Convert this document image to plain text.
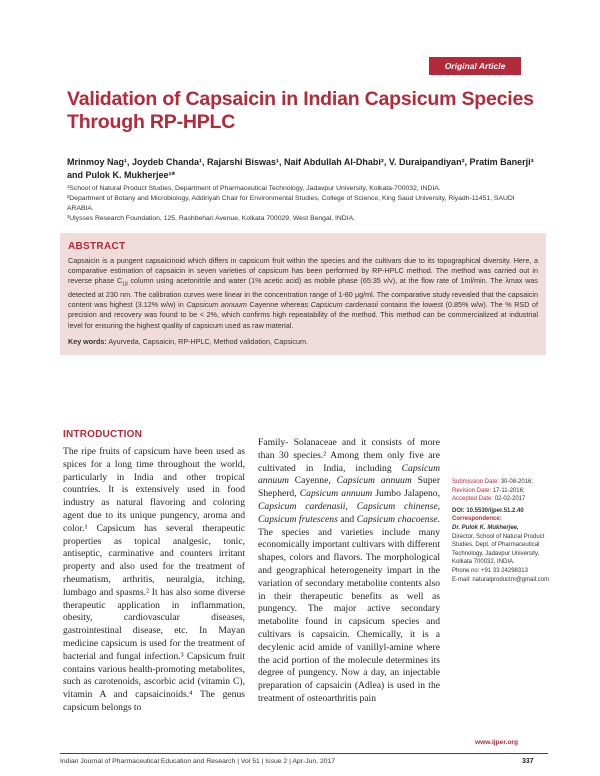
Original Article
Validation of Capsaicin in Indian Capsicum Species Through RP-HPLC
Mrinmoy Nag¹, Joydeb Chanda¹, Rajarshi Biswas¹, Naif Abdullah Al-Dhabi², V. Duraipandiyan², Pratim Banerji³ and Pulok K. Mukherjee¹*

¹School of Natural Product Studies, Department of Pharmaceutical Technology, Jadavpur University, Kolkata-700032, INDIA.

²Department of Botany and Microbiology, Addiriyah Chair for Environmental Studies, College of Science, King Saud University, Riyadh-11451, SAUDI ARABIA.

³Ulysses Research Foundation, 125, Rashbehari Avenue, Kolkata 700029, West Bengal, INDIA.

ABSTRACT
Capsaicin is a pungent capsaicinoid which differs in capsicum fruit within the species and the cultivars due to its topographical diversity. Here, a comparative estimation of capsaicin in seven varieties of capsicum has been performed by RP-HPLC method. The method was carried out in reverse phase $C_{18}$ column using acetonitrile and water (1% acetic acid) as mobile phase (65:35 v/v), at the flow rate of 1ml/min. The λmax was detected at 230 nm. The calibration curves were linear in the concentration range of 1-80 μg/ml. The comparative study revealed that the capsaicin content was highest (3.12% w/w) in Capsicum annuum Cayenne whereas Capsicum cardenasii contains the lowest (0.85% w/w). The % RSD of precision and recovery was found to be < 2%, which confirms high repeatability of the method. This method can be commercialized at industrial level for ensuring the highest quality of capsicum used as raw material.
Key words: Ayurveda, Capsaicin, RP-HPLC, Method validation, Capsicum.
INTRODUCTION
The ripe fruits of capsicum have been used as spices for a long time throughout the world, particularly in India and other tropical countries. It is extensively used in food industry as natural flavoring and coloring agent due to its unique pungency, aroma and color.¹ Capsicum has several therapeutic properties as topical analgesic, tonic, antiseptic, carminative and counters irritant property and also used for the treatment of rheumatism, arthritis, neuralgia, itching, lumbago and spasms.² It has also some diverse therapeutic application in inflammation, obesity, cardiovascular diseases, gastrointestinal disease, etc. In Mayan medicine capsicum is used for the treatment of bacterial and fungal infection.³ Capsicum fruit contains various health-promoting metabolites, such as carotenoids, ascorbic acid (vitamin C), vitamin A and capsaicinoids.⁴ The genus capsicum belongs to
Family- Solanaceae and it consists of more than 30 species.² Among them only five are cultivated in India, including Capsicum annuum Cayenne, Capsicum annuum Super Shepherd, Capsicum annuum Jumbo Jalapeno, Capsicum cardenasii, Capsicum chinense, Capsicum frutescens and Capsicum chacoense. The species and varieties include many economically important cultivars with different shapes, colors and flavors. The morphological and geographical heterogeneity impart in the variation of secondary metabolite contents also in their therapeutic benefits as well as pungency. The major active secondary metabolite found in capsicum species and cultivars is capsaicin. Chemically, it is a decylenic acid amide of vanillyl-amine where the acid portion of the molecule determines its degree of pungency. Now a day, an injectable preparation of capsaicin (Adlea) is used in the treatment of osteoarthritis pain
Submission Date: 30-08-2016;
Revision Date: 17-11-2016;
Accepted Date: 02-02-2017
DOI: 10.5530/ijper.51.2.40
Correspondence:
Dr. Pulok K. Mukherjee,
Director, School of Natural Product Studies, Dept. of Pharmaceutical Technology, Jadavpur University, Kolkata 700032, INDIA.
Phone no: +91 33 24298313
E-mail: naturalproductm@gmail.com
www.ijper.org
Indian Journal of Pharmaceutical Education and Research | Vol 51 | Issue 2 | Apr-Jun, 2017	337
